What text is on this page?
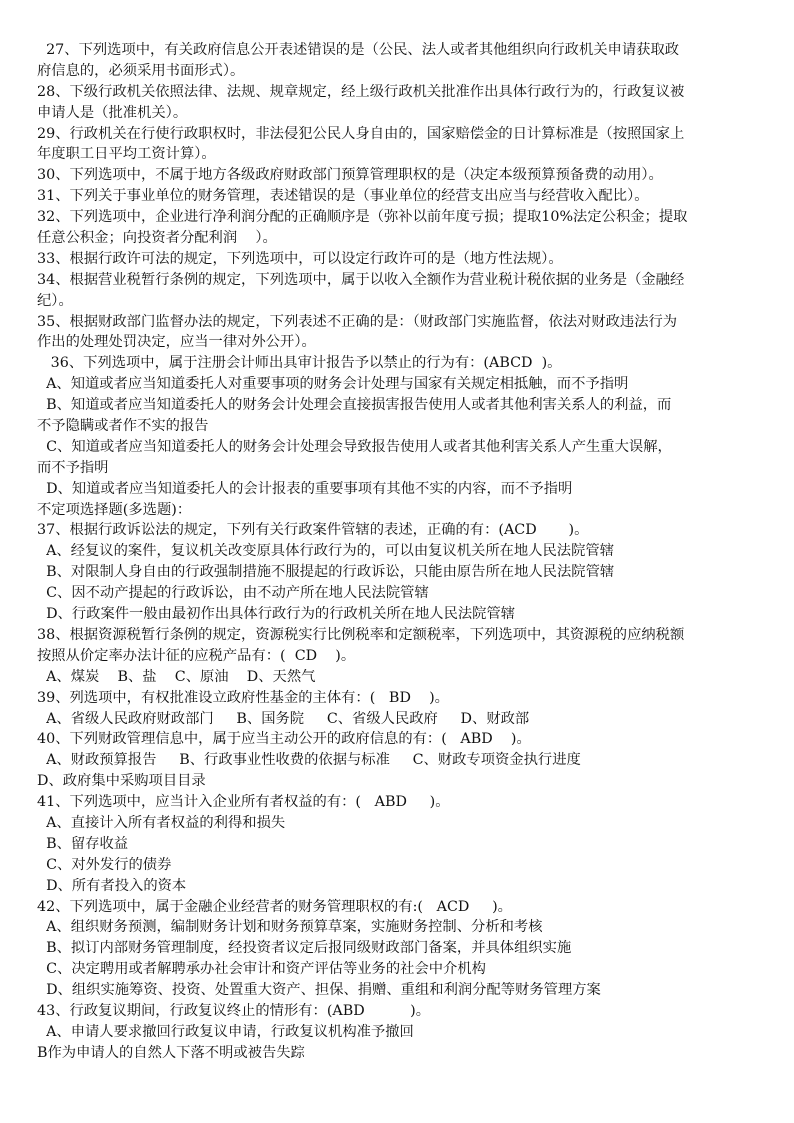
27、下列选项中，有关政府信息公开表述错误的是（公民、法人或者其他组织向行政机关申请获取政
府信息的，必须采用书面形式）。
28、下级行政机关依照法律、法规、规章规定，经上级行政机关批准作出具体行政行为的，行政复议被
申请人是（批准机关）。
29、行政机关在行使行政职权时，非法侵犯公民人身自由的，国家赔偿金的日计算标准是（按照国家上
年度职工日平均工资计算）。
30、下列选项中，不属于地方各级政府财政部门预算管理职权的是（决定本级预算预备费的动用）。
31、下列关于事业单位的财务管理，表述错误的是（事业单位的经营支出应当与经营收入配比）。
32、下列选项中，企业进行净利润分配的正确顺序是（弥补以前年度亏损；提取10%法定公积金；提取
任意公积金；向投资者分配利润    ）。
33、根据行政许可法的规定，下列选项中，可以设定行政许可的是（地方性法规）。
34、根据营业税暂行条例的规定，下列选项中，属于以收入全额作为营业税计税依据的业务是（金融经
纪）。
35、根据财政部门监督办法的规定，下列表述不正确的是：（财政部门实施监督，依法对财政违法行为
作出的处理处罚决定，应当一律对外公开）。
36、下列选项中，属于注册会计师出具审计报告予以禁止的行为有：(ABCD  )。
A、知道或者应当知道委托人对重要事项的财务会计处理与国家有关规定相抵触，而不予指明
B、知道或者应当知道委托人的财务会计处理会直接损害报告使用人或者其他利害关系人的利益，而
不予隐瞒或者作不实的报告
C、知道或者应当知道委托人的财务会计处理会导致报告使用人或者其他利害关系人产生重大误解，
而不予指明
D、知道或者应当知道委托人的会计报表的重要事项有其他不实的内容，而不予指明
不定项选择题(多选题)：
37、根据行政诉讼法的规定，下列有关行政案件管辖的表述，正确的有：(ACD       )。
A、经复议的案件，复议机关改变原具体行政行为的，可以由复议机关所在地人民法院管辖
B、对限制人身自由的行政强制措施不服提起的行政诉讼，只能由原告所在地人民法院管辖
C、因不动产提起的行政诉讼，由不动产所在地人民法院管辖
D、行政案件一般由最初作出具体行政行为的行政机关所在地人民法院管辖
38、根据资源税暂行条例的规定，资源税实行比例税率和定额税率，下列选项中，其资源税的应纳税额
按照从价定率办法计征的应税产品有：(  CD    )。
A、煤炭    B、盐    C、原油    D、天然气
39、列选项中，有权批准设立政府性基金的主体有：(   BD    )。
A、省级人民政府财政部门     B、国务院     C、省级人民政府     D、财政部
40、下列财政管理信息中，属于应当主动公开的政府信息的有：(   ABD    )。
A、财政预算报告     B、行政事业性收费的依据与标准     C、财政专项资金执行进度
D、政府集中采购项目目录
41、下列选项中，应当计入企业所有者权益的有：(   ABD     )。
A、直接计入所有者权益的利得和损失
B、留存收益
C、对外发行的债券
D、所有者投入的资本
42、下列选项中，属于金融企业经营者的财务管理职权的有:(   ACD     )。
A、组织财务预测，编制财务计划和财务预算草案，实施财务控制、分析和考核
B、拟订内部财务管理制度，经投资者议定后报同级财政部门备案，并具体组织实施
C、决定聘用或者解聘承办社会审计和资产评估等业务的社会中介机构
D、组织实施筹资、投资、处置重大资产、担保、捐赠、重组和利润分配等财务管理方案
43、行政复议期间，行政复议终止的情形有：(ABD          )。
A、申请人要求撤回行政复议申请，行政复议机构准予撤回
B作为申请人的自然人下落不明或被告失踪
